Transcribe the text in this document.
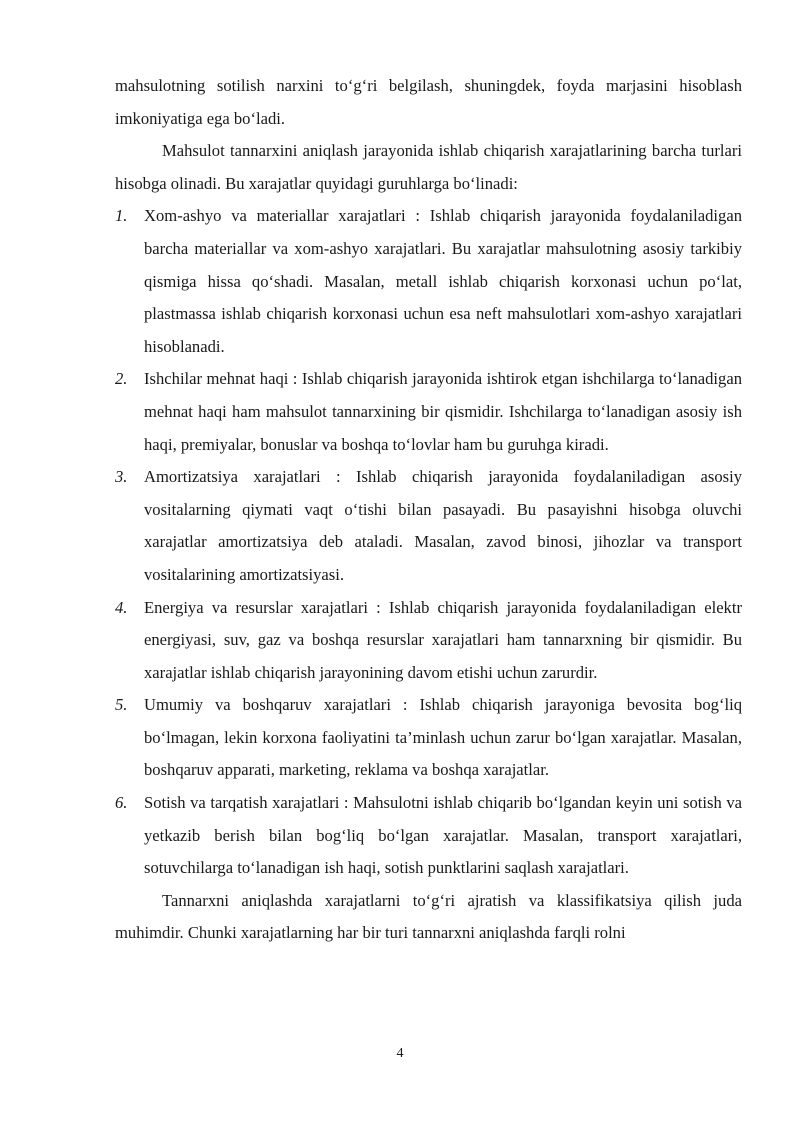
mahsulotning sotilish narxini to‘g‘ri belgilash, shuningdek, foyda marjasini hisoblash imkoniyatiga ega bo‘ladi.

Mahsulot tannarxini aniqlash jarayonida ishlab chiqarish xarajatlarining barcha turlari hisobga olinadi. Bu xarajatlar quyidagi guruhlarga bo‘linadi:

1. Xom-ashyo va materiallar xarajatlari : Ishlab chiqarish jarayonida foydalaniladigan barcha materiallar va xom-ashyo xarajatlari. Bu xarajatlar mahsulotning asosiy tarkibiy qismiga hissa qo‘shadi. Masalan, metall ishlab chiqarish korxonasi uchun po‘lat, plastmassa ishlab chiqarish korxonasi uchun esa neft mahsulotlari xom-ashyo xarajatlari hisoblanadi.
2. Ishchilar mehnat haqi : Ishlab chiqarish jarayonida ishtirok etgan ishchilarga to‘lanadigan mehnat haqi ham mahsulot tannarxining bir qismidir. Ishchilarga to‘lanadigan asosiy ish haqi, premiyalar, bonuslar va boshqa to‘lovlar ham bu guruhga kiradi.
3. Amortizatsiya xarajatlari : Ishlab chiqarish jarayonida foydalaniladigan asosiy vositalarning qiymati vaqt o‘tishi bilan pasayadi. Bu pasayishni hisobga oluvchi xarajatlar amortizatsiya deb ataladi. Masalan, zavod binosi, jihozlar va transport vositalarining amortizatsiyasi.
4. Energiya va resurslar xarajatlari : Ishlab chiqarish jarayonida foydalaniladigan elektr energiyasi, suv, gaz va boshqa resurslar xarajatlari ham tannarxning bir qismidir. Bu xarajatlar ishlab chiqarish jarayonining davom etishi uchun zarurdir.
5. Umumiy va boshqaruv xarajatlari : Ishlab chiqarish jarayoniga bevosita bog‘liq bo‘lmagan, lekin korxona faoliyatini ta’minlash uchun zarur bo‘lgan xarajatlar. Masalan, boshqaruv apparati, marketing, reklama va boshqa xarajatlar.
6. Sotish va tarqatish xarajatlari : Mahsulotni ishlab chiqarib bo‘lgandan keyin uni sotish va yetkazib berish bilan bog‘liq bo‘lgan xarajatlar. Masalan, transport xarajatlari, sotuvchilarga to‘lanadigan ish haqi, sotish punktlarini saqlash xarajatlari.

Tannarxni aniqlashda xarajatlarni to‘g‘ri ajratish va klassifikatsiya qilish juda muhimdir. Chunki xarajatlarning har bir turi tannarxni aniqlashda farqli rolni

4
